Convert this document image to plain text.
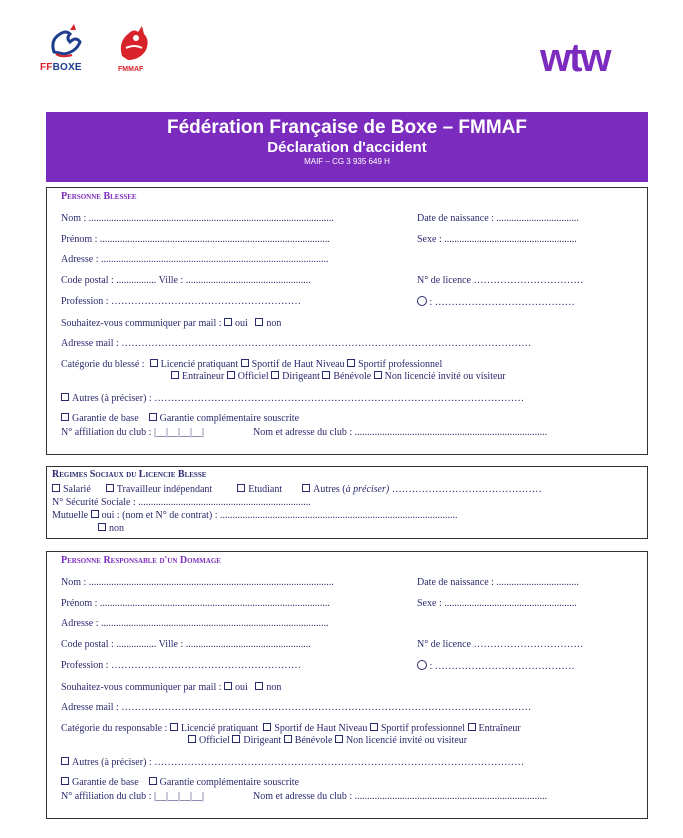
FFBOXE	FMMAF	wtw
Fédération Française de Boxe – FMMAF
Déclaration d'accident
MAIF – CG 3 935 649 H
Personne Blessee
Nom : ..................................................................................................	Date de naissance : .................................
Prénom : ............................................................................................	Sexe : .....................................................
Adresse : ...........................................................................................
Code postal : ................ Ville : ..................................................	N° de licence ……………………………
Profession : …………………………………………………	: ……………………………………
Souhaitez-vous communiquer par mail : oui non
Adresse mail : ……………………………………………………………………………………………………………
Catégorie du blessé : Licencié pratiquant Sportif de Haut Niveau Sportif professionnel
Entraîneur Officiel Dirigeant Bénévole Non licencié invité ou visiteur
Autres (à préciser) : …………………………………………………………………………………………………
Garantie de base Garantie complémentaire souscrite
N° affiliation du club : |__|__|__|__|	Nom et adresse du club : .............................................................................
Regimes Sociaux du Licencie Blesse
Salarié	Travailleur indépendant	Etudiant	Autres (à préciser) ………………………………………
N° Sécurité Sociale : .....................................................................
Mutuelle oui : (nom et N° de contrat) : ...............................................................................................
non
Personne Responsable d'un Dommage
Nom : ..................................................................................................	Date de naissance : .................................
Prénom : ............................................................................................	Sexe : .....................................................
Adresse : ...........................................................................................
Code postal : ................ Ville : ..................................................	N° de licence ……………………………
Profession : …………………………………………………	: ……………………………………
Souhaitez-vous communiquer par mail : oui non
Adresse mail : ……………………………………………………………………………………………………………
Catégorie du responsable : Licencié pratiquant Sportif de Haut Niveau Sportif professionnel Entraîneur
Officiel Dirigeant Bénévole Non licencié invité ou visiteur
Autres (à préciser) : …………………………………………………………………………………………………
Garantie de base Garantie complémentaire souscrite
N° affiliation du club : |__|__|__|__|	Nom et adresse du club : .............................................................................
